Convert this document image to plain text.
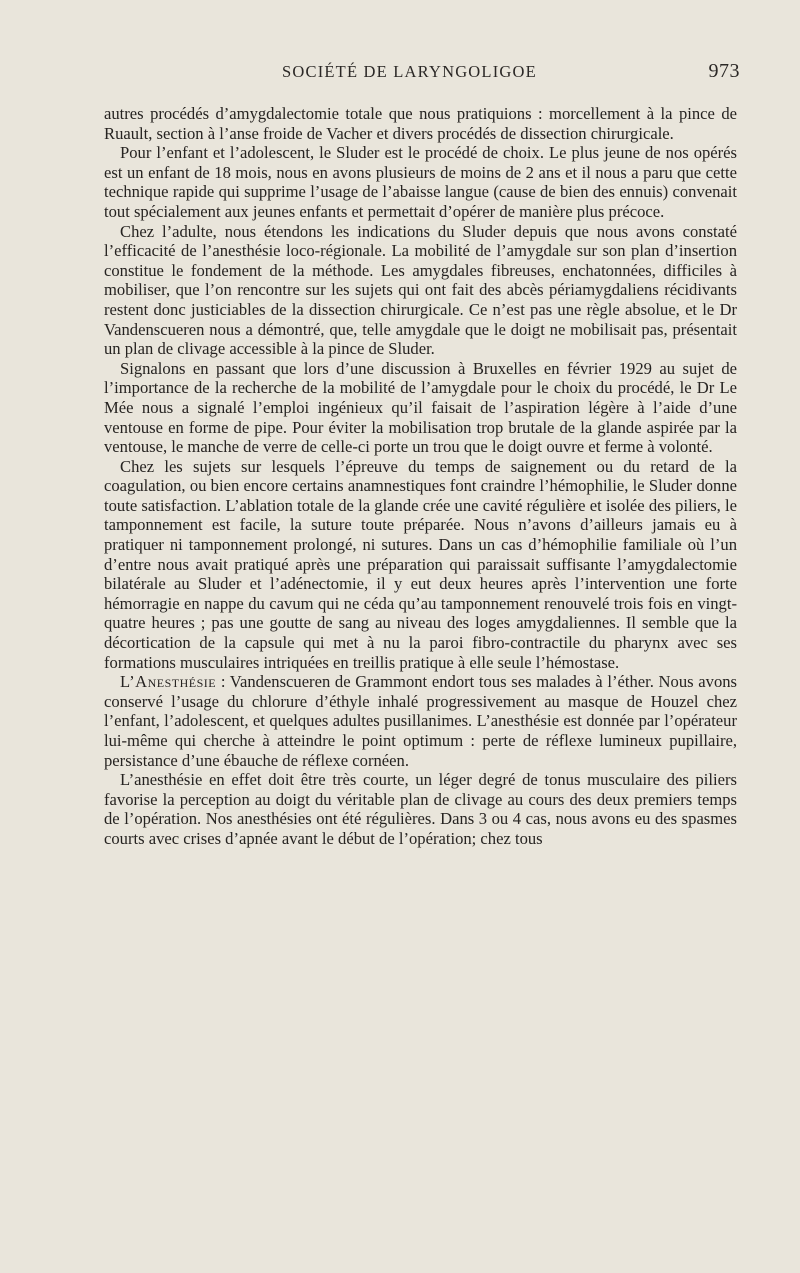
SOCIÉTÉ DE LARYNGOLIGOE	973

autres procédés d’amygdalectomie totale que nous pratiquions : morcellement à la pince de Ruault, section à l’anse froide de Vacher et divers procédés de dissection chirurgicale.

Pour l’enfant et l’adolescent, le Sluder est le procédé de choix. Le plus jeune de nos opérés est un enfant de 18 mois, nous en avons plusieurs de moins de 2 ans et il nous a paru que cette technique rapide qui supprime l’usage de l’abaisse langue (cause de bien des ennuis) convenait tout spécialement aux jeunes enfants et permettait d’opérer de manière plus précoce.

Chez l’adulte, nous étendons les indications du Sluder depuis que nous avons constaté l’efficacité de l’anesthésie loco-régionale. La mobilité de l’amygdale sur son plan d’insertion constitue le fondement de la méthode. Les amygdales fibreuses, enchatonnées, difficiles à mobiliser, que l’on rencontre sur les sujets qui ont fait des abcès périamygdaliens récidivants restent donc justiciables de la dissection chirurgicale. Ce n’est pas une règle absolue, et le Dr Vandenscueren nous a démontré, que, telle amygdale que le doigt ne mobilisait pas, présentait un plan de clivage accessible à la pince de Sluder.

Signalons en passant que lors d’une discussion à Bruxelles en février 1929 au sujet de l’importance de la recherche de la mobilité de l’amygdale pour le choix du procédé, le Dr Le Mée nous a signalé l’emploi ingénieux qu’il faisait de l’aspiration légère à l’aide d’une ventouse en forme de pipe. Pour éviter la mobilisation trop brutale de la glande aspirée par la ventouse, le manche de verre de celle-ci porte un trou que le doigt ouvre et ferme à volonté.

Chez les sujets sur lesquels l’épreuve du temps de saignement ou du retard de la coagulation, ou bien encore certains anamnestiques font craindre l’hémophilie, le Sluder donne toute satisfaction. L’ablation totale de la glande crée une cavité régulière et isolée des piliers, le tamponnement est facile, la suture toute préparée. Nous n’avons d’ailleurs jamais eu à pratiquer ni tamponnement prolongé, ni sutures. Dans un cas d’hémophilie familiale où l’un d’entre nous avait pratiqué après une préparation qui paraissait suffisante l’amygdalectomie bilatérale au Sluder et l’adénectomie, il y eut deux heures après l’intervention une forte hémorragie en nappe du cavum qui ne céda qu’au tamponnement renouvelé trois fois en vingt-quatre heures ; pas une goutte de sang au niveau des loges amygdaliennes. Il semble que la décortication de la capsule qui met à nu la paroi fibro-contractile du pharynx avec ses formations musculaires intriquées en treillis pratique à elle seule l’hémostase.

L’Anesthésie : Vandenscueren de Grammont endort tous ses malades à l’éther. Nous avons conservé l’usage du chlorure d’éthyle inhalé progressivement au masque de Houzel chez l’enfant, l’adolescent, et quelques adultes pusillanimes. L’anesthésie est donnée par l’opérateur lui-même qui cherche à atteindre le point optimum : perte de réflexe lumineux pupillaire, persistance d’une ébauche de réflexe cornéen.

L’anesthésie en effet doit être très courte, un léger degré de tonus musculaire des piliers favorise la perception au doigt du véritable plan de clivage au cours des deux premiers temps de l’opération. Nos anesthésies ont été régulières. Dans 3 ou 4 cas, nous avons eu des spasmes courts avec crises d’apnée avant le début de l’opération; chez tous
